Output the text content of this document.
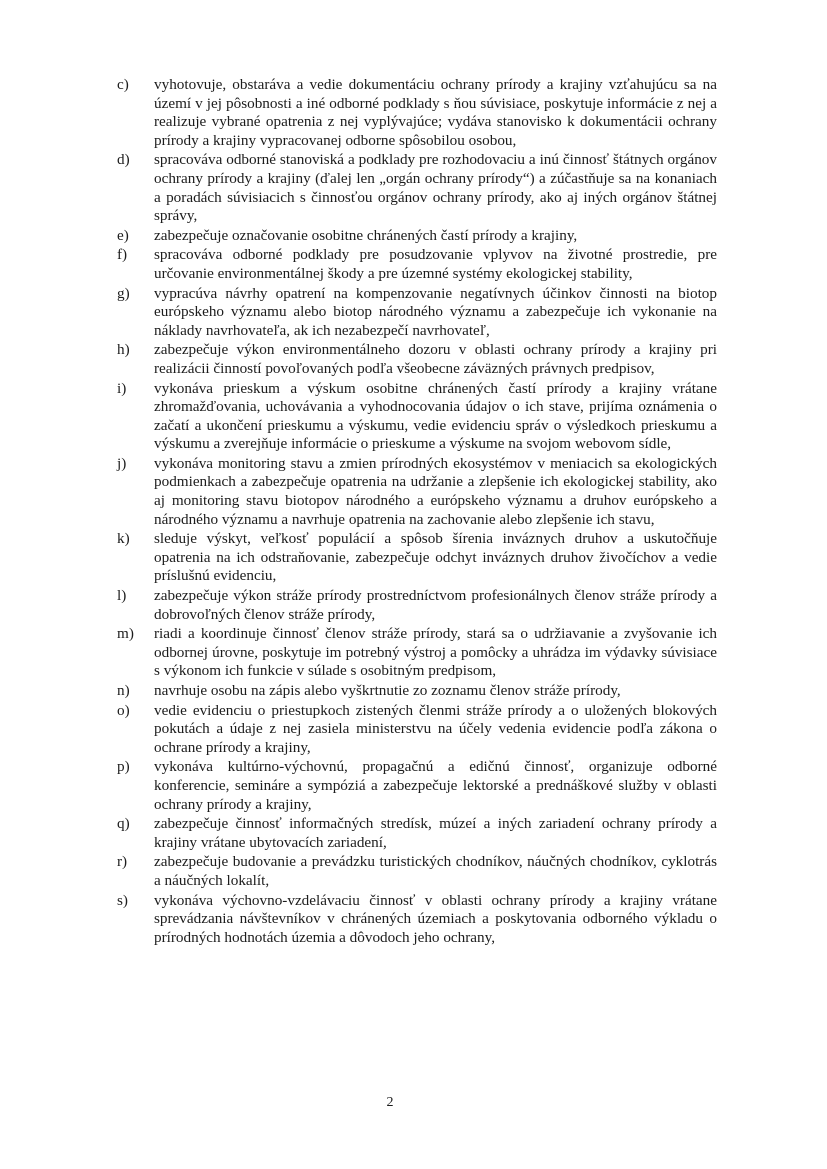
c)	vyhotovuje, obstaráva a vedie dokumentáciu ochrany prírody a krajiny vzťahujúcu sa na území v jej pôsobnosti a iné odborné podklady s ňou súvisiace, poskytuje informácie z nej a realizuje vybrané opatrenia z nej vyplývajúce; vydáva stanovisko k dokumentácii ochrany prírody a krajiny vypracovanej odborne spôsobilou osobou,
d)	spracováva odborné stanoviská a podklady pre rozhodovaciu a inú činnosť štátnych orgánov ochrany prírody a krajiny (ďalej len „orgán ochrany prírody“) a zúčastňuje sa na konaniach a poradách súvisiacich s činnosťou orgánov ochrany prírody, ako aj iných orgánov štátnej správy,
e)	zabezpečuje označovanie osobitne chránených častí prírody a krajiny,
f)	spracováva odborné podklady pre posudzovanie vplyvov na životné prostredie, pre určovanie environmentálnej škody a pre územné systémy ekologickej stability,
g)	vypracúva návrhy opatrení na kompenzovanie negatívnych účinkov činnosti na biotop európskeho významu alebo biotop národného významu a zabezpečuje ich vykonanie na náklady navrhovateľa, ak ich nezabezpečí navrhovateľ,
h)	zabezpečuje výkon environmentálneho dozoru v oblasti ochrany prírody a krajiny pri realizácii činností povoľovaných podľa všeobecne záväzných právnych predpisov,
i)	vykonáva prieskum a výskum osobitne chránených častí prírody a krajiny vrátane zhromažďovania, uchovávania a vyhodnocovania údajov o ich stave, prijíma oznámenia o začatí a ukončení prieskumu a výskumu, vedie evidenciu správ o výsledkoch prieskumu a výskumu a zverejňuje informácie o prieskume a výskume na svojom webovom sídle,
j)	vykonáva monitoring stavu a zmien prírodných ekosystémov v meniacich sa ekologických podmienkach a zabezpečuje opatrenia na udržanie a zlepšenie ich ekologickej stability, ako aj monitoring stavu biotopov národného a európskeho významu a druhov európskeho a národného významu a navrhuje opatrenia na zachovanie alebo zlepšenie ich stavu,
k)	sleduje výskyt, veľkosť populácií a spôsob šírenia inváznych druhov a uskutočňuje opatrenia na ich odstraňovanie, zabezpečuje odchyt inváznych druhov živočíchov a vedie príslušnú evidenciu,
l)	zabezpečuje výkon stráže prírody prostredníctvom profesionálnych členov stráže prírody a dobrovoľných členov stráže prírody,
m)	riadi a koordinuje činnosť členov stráže prírody, stará sa o udržiavanie a zvyšovanie ich odbornej úrovne, poskytuje im potrebný výstroj a pomôcky a uhrádza im výdavky súvisiace s výkonom ich funkcie v súlade s osobitným predpisom,
n)	navrhuje osobu na zápis alebo vyškrtnutie zo zoznamu členov stráže prírody,
o)	vedie evidenciu o priestupkoch zistených členmi stráže prírody a o uložených blokových pokutách a údaje z nej zasiela ministerstvu na účely vedenia evidencie podľa zákona o ochrane prírody a krajiny,
p)	vykonáva kultúrno-výchovnú, propagačnú a edičnú činnosť, organizuje odborné konferencie, semináre a sympóziá a zabezpečuje lektorské a prednáškové služby v oblasti ochrany prírody a krajiny,
q)	zabezpečuje činnosť informačných stredísk, múzeí a iných zariadení ochrany prírody a krajiny vrátane ubytovacích zariadení,
r)	zabezpečuje budovanie a prevádzku turistických chodníkov, náučných chodníkov, cyklotrás a náučných lokalít,
s)	vykonáva výchovno-vzdelávaciu činnosť v oblasti ochrany prírody a krajiny vrátane sprevádzania návštevníkov v chránených územiach a poskytovania odborného výkladu o prírodných hodnotách územia a dôvodoch jeho ochrany,
2
